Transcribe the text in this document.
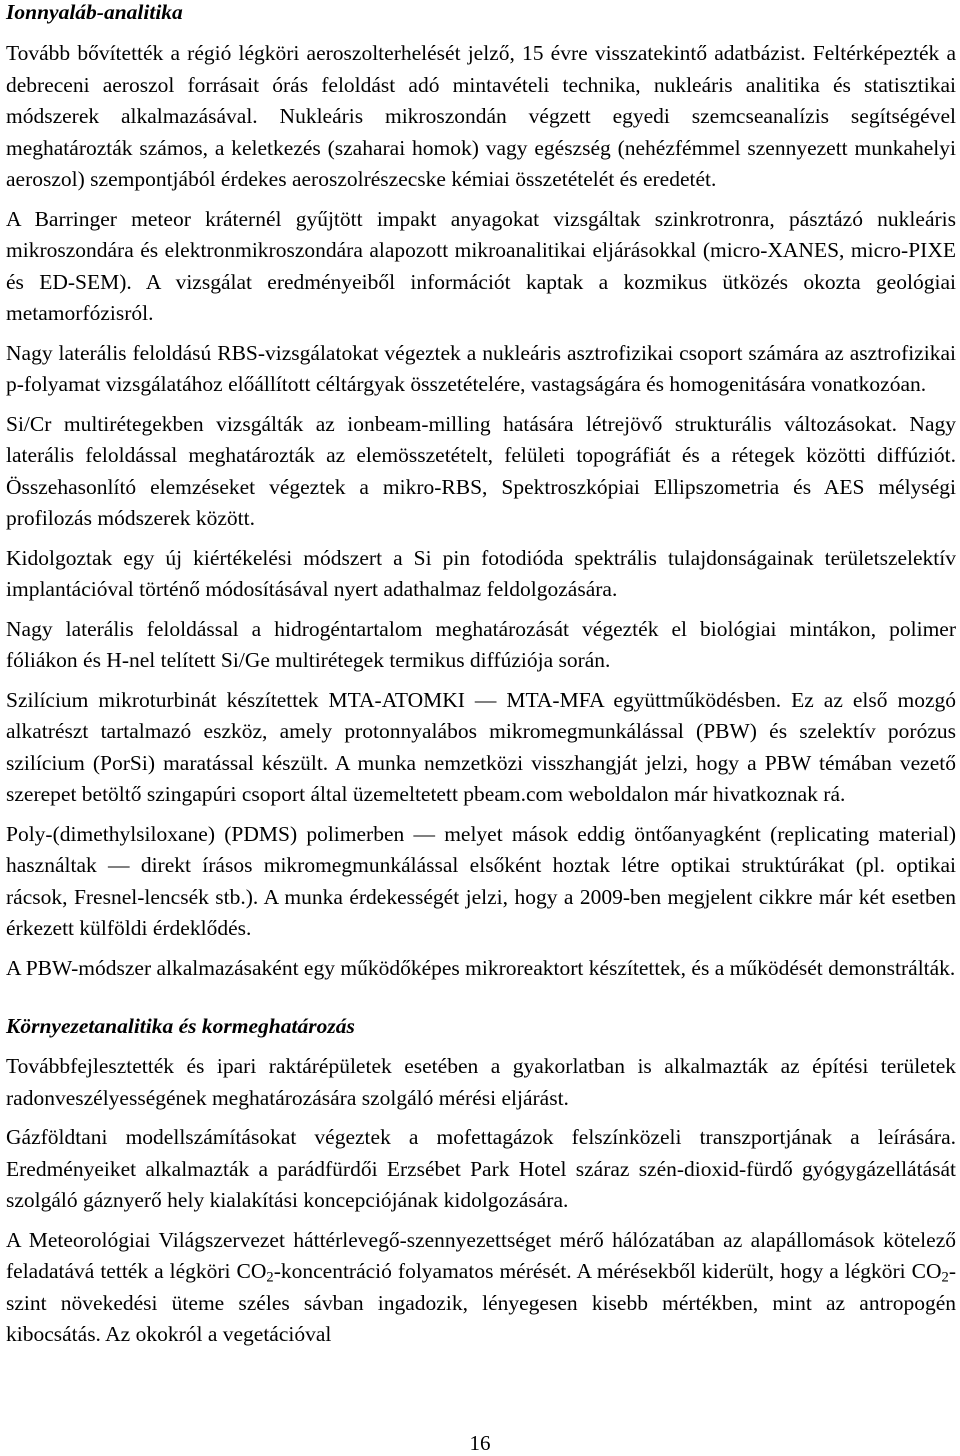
Ionnyaláb-analitika

Tovább bővítették a régió légköri aeroszolterhelését jelző, 15 évre visszatekintő adatbázist. Feltérképezték a debreceni aeroszol forrásait órás feloldást adó mintavételi technika, nukleáris analitika és statisztikai módszerek alkalmazásával. Nukleáris mikroszondán végzett egyedi szemcseanalízis segítségével meghatározták számos, a keletkezés (szaharai homok) vagy egészség (nehézfémmel szennyezett munkahelyi aeroszol) szempontjából érdekes aeroszolrészecske kémiai összetételét és eredetét.

A Barringer meteor kráternél gyűjtött impakt anyagokat vizsgáltak szinkrotronra, pásztázó nukleáris mikroszondára és elektronmikroszondára alapozott mikroanalitikai eljárásokkal (micro-XANES, micro-PIXE és ED-SEM). A vizsgálat eredményeiből információt kaptak a kozmikus ütközés okozta geológiai metamorfózisról.

Nagy laterális feloldású RBS-vizsgálatokat végeztek a nukleáris asztrofizikai csoport számára az asztrofizikai p-folyamat vizsgálatához előállított céltárgyak összetételére, vastagságára és homogenitására vonatkozóan.

Si/Cr multirétegekben vizsgálták az ionbeam-milling hatására létrejövő strukturális változásokat. Nagy laterális feloldással meghatározták az elemösszetételt, felületi topográfiát és a rétegek közötti diffúziót. Összehasonlító elemzéseket végeztek a mikro-RBS, Spektroszkópiai Ellipszometria és AES mélységi profilozás módszerek között.

Kidolgoztak egy új kiértékelési módszert a Si pin fotodióda spektrális tulajdonságainak területszelektív implantációval történő módosításával nyert adathalmaz feldolgozására.

Nagy laterális feloldással a hidrogéntartalom meghatározását végezték el biológiai mintákon, polimer fóliákon és H-nel telített Si/Ge multirétegek termikus diffúziója során.

Szilícium mikroturbinát készítettek MTA-ATOMKI — MTA-MFA együttműködésben. Ez az első mozgó alkatrészt tartalmazó eszköz, amely protonnyalábos mikromegmunkálással (PBW) és szelektív porózus szilícium (PorSi) maratással készült. A munka nemzetközi visszhangját jelzi, hogy a PBW témában vezető szerepet betöltő szingapúri csoport által üzemeltetett pbeam.com weboldalon már hivatkoznak rá.

Poly-(dimethylsiloxane) (PDMS) polimerben — melyet mások eddig öntőanyagként (replicating material) használtak — direkt írásos mikromegmunkálással elsőként hoztak létre optikai struktúrákat (pl. optikai rácsok, Fresnel-lencsék stb.). A munka érdekességét jelzi, hogy a 2009-ben megjelent cikkre már két esetben érkezett külföldi érdeklődés.

A PBW-módszer alkalmazásaként egy működőképes mikroreaktort készítettek, és a működését demonstrálták.

Környezetanalitika és kormeghatározás

Továbbfejlesztették és ipari raktárépületek esetében a gyakorlatban is alkalmazták az építési területek radonveszélyességének meghatározására szolgáló mérési eljárást.

Gázföldtani modellszámításokat végeztek a mofettagázok felszínközeli transzportjának a leírására. Eredményeiket alkalmazták a parádfürdői Erzsébet Park Hotel száraz szén-dioxid-fürdő gyógygázellátását szolgáló gáznyerő hely kialakítási koncepciójának kidolgozására.

A Meteorológiai Világszervezet háttérlevegő-szennyezettséget mérő hálózatában az alapállomások kötelező feladatává tették a légköri $CO_2$-koncentráció folyamatos mérését. A mérésekből kiderült, hogy a légköri $CO_2$-szint növekedési üteme széles sávban ingadozik, lényegesen kisebb mértékben, mint az antropogén kibocsátás. Az okokról a vegetációval

16
